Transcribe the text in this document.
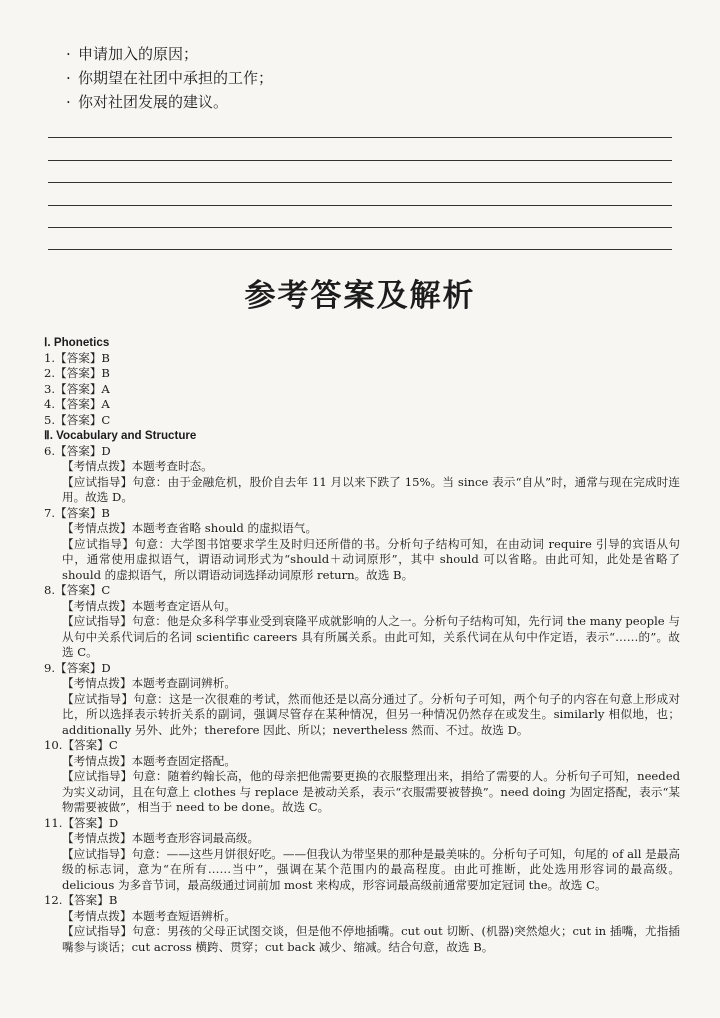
· 申请加入的原因；
· 你期望在社团中承担的工作；
· 你对社团发展的建议。
参考答案及解析
Ⅰ. Phonetics
1.【答案】B
2.【答案】B
3.【答案】A
4.【答案】A
5.【答案】C
Ⅱ. Vocabulary and Structure
6.【答案】D
【考情点拨】本题考查时态。
【应试指导】句意：由于金融危机，股价自去年 11 月以来下跌了 15%。当 since 表示“自从”时，通常与现在完成时连用。故选 D。
7.【答案】B
【考情点拨】本题考查省略 should 的虚拟语气。
【应试指导】句意：大学图书馆要求学生及时归还所借的书。分析句子结构可知，在由动词 require 引导的宾语从句中，通常使用虚拟语气，谓语动词形式为“should＋动词原形”，其中 should 可以省略。由此可知，此处是省略了 should 的虚拟语气，所以谓语动词选择动词原形 return。故选 B。
8.【答案】C
【考情点拨】本题考查定语从句。
【应试指导】句意：他是众多科学事业受到衰隆平成就影响的人之一。分析句子结构可知，先行词 the many people 与从句中关系代词后的名词 scientific careers 具有所属关系。由此可知，关系代词在从句中作定语，表示“……的”。故选 C。
9.【答案】D
【考情点拨】本题考查副词辨析。
【应试指导】句意：这是一次很难的考试，然而他还是以高分通过了。分析句子可知，两个句子的内容在句意上形成对比，所以选择表示转折关系的副词，强调尽管存在某种情况，但另一种情况仍然存在或发生。similarly 相似地，也；additionally 另外、此外；therefore 因此、所以；nevertheless 然而、不过。故选 D。
10.【答案】C
【考情点拨】本题考查固定搭配。
【应试指导】句意：随着约翰长高，他的母亲把他需要更换的衣服整理出来，捐给了需要的人。分析句子可知，needed 为实义动词，且在句意上 clothes 与 replace 是被动关系，表示“衣服需要被替换”。need doing 为固定搭配，表示“某物需要被做”，相当于 need to be done。故选 C。
11.【答案】D
【考情点拨】本题考查形容词最高级。
【应试指导】句意：——这些月饼很好吃。——但我认为带坚果的那种是最美味的。分析句子可知，句尾的 of all 是最高级的标志词，意为“在所有……当中”，强调在某个范围内的最高程度。由此可推断，此处选用形容词的最高级。delicious 为多音节词，最高级通过词前加 most 来构成，形容词最高级前通常要加定冠词 the。故选 C。
12.【答案】B
【考情点拨】本题考查短语辨析。
【应试指导】句意：男孩的父母正试图交谈，但是他不停地插嘴。cut out 切断、(机器)突然熄火；cut in 插嘴，尤指插嘴参与谈话；cut across 横跨、贯穿；cut back 减少、缩减。结合句意，故选 B。
